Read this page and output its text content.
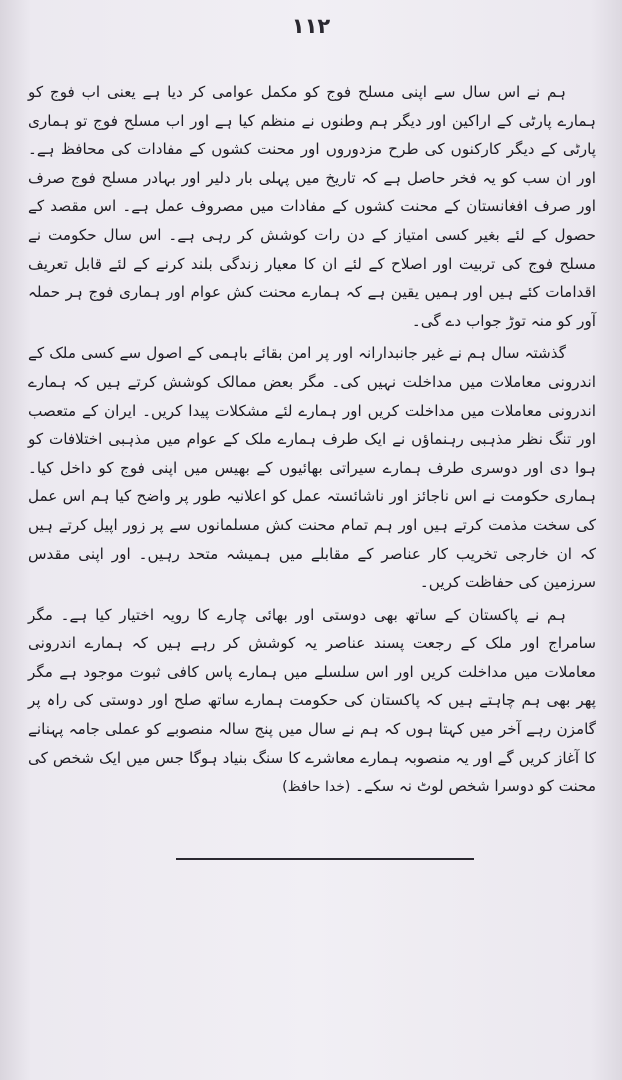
۱۱۲

ہم نے اس سال سے اپنی مسلح فوج کو مکمل عوامی کر دیا ہے یعنی اب فوج کو ہمارے پارٹی کے اراکین اور دیگر ہم وطنوں نے منظم کیا ہے اور اب مسلح فوج تو ہماری پارٹی کے دیگر کارکنوں کی طرح مزدوروں اور محنت کشوں کے مفادات کی محافظ ہے۔ اور ان سب کو یہ فخر حاصل ہے کہ تاریخ میں پہلی بار دلیر اور بہادر مسلح فوج صرف اور صرف افغانستان کے محنت کشوں کے مفادات میں مصروف عمل ہے۔ اس مقصد کے حصول کے لئے بغیر کسی امتیاز کے دن رات کوشش کر رہی ہے۔ اس سال حکومت نے مسلح فوج کی تربیت اور اصلاح کے لئے ان کا معیار زندگی بلند کرنے کے لئے قابل تعریف اقدامات کئے ہیں اور ہمیں یقین ہے کہ ہمارے محنت کش عوام اور ہماری فوج ہر حملہ آور کو منہ توڑ جواب دے گی۔

گذشتہ سال ہم نے غیر جانبدارانہ اور پر امن بقائے باہمی کے اصول سے کسی ملک کے اندرونی معاملات میں مداخلت نہیں کی۔ مگر بعض ممالک کوشش کرتے ہیں کہ ہمارے اندرونی معاملات میں مداخلت کریں اور ہمارے لئے مشکلات پیدا کریں۔ ایران کے متعصب اور تنگ نظر مذہبی رہنماؤں نے ایک طرف ہمارے ملک کے عوام میں مذہبی اختلافات کو ہوا دی اور دوسری طرف ہمارے سیراتی بھائیوں کے بھیس میں اپنی فوج کو داخل کیا۔ ہماری حکومت نے اس ناجائز اور ناشائستہ عمل کو اعلانیہ طور پر واضح کیا ہم اس عمل کی سخت مذمت کرتے ہیں اور ہم تمام محنت کش مسلمانوں سے پر زور اپیل کرتے ہیں کہ ان خارجی تخریب کار عناصر کے مقابلے میں ہمیشہ متحد رہیں۔ اور اپنی مقدس سرزمین کی حفاظت کریں۔

ہم نے پاکستان کے ساتھ بھی دوستی اور بھائی چارے کا رویہ اختیار کیا ہے۔ مگر سامراج اور ملک کے رجعت پسند عناصر یہ کوشش کر رہے ہیں کہ ہمارے اندرونی معاملات میں مداخلت کریں اور اس سلسلے میں ہمارے پاس کافی ثبوت موجود ہے مگر پھر بھی ہم چاہتے ہیں کہ پاکستان کی حکومت ہمارے ساتھ صلح اور دوستی کی راہ پر گامزن رہے آخر میں کہتا ہوں کہ ہم نے سال میں پنج سالہ منصوبے کو عملی جامہ پہنانے کا آغاز کریں گے اور یہ منصوبہ ہمارے معاشرے کا سنگ بنیاد ہوگا جس میں ایک شخص کی محنت کو دوسرا شخص لوٹ نہ سکے۔ (خدا حافظ)
